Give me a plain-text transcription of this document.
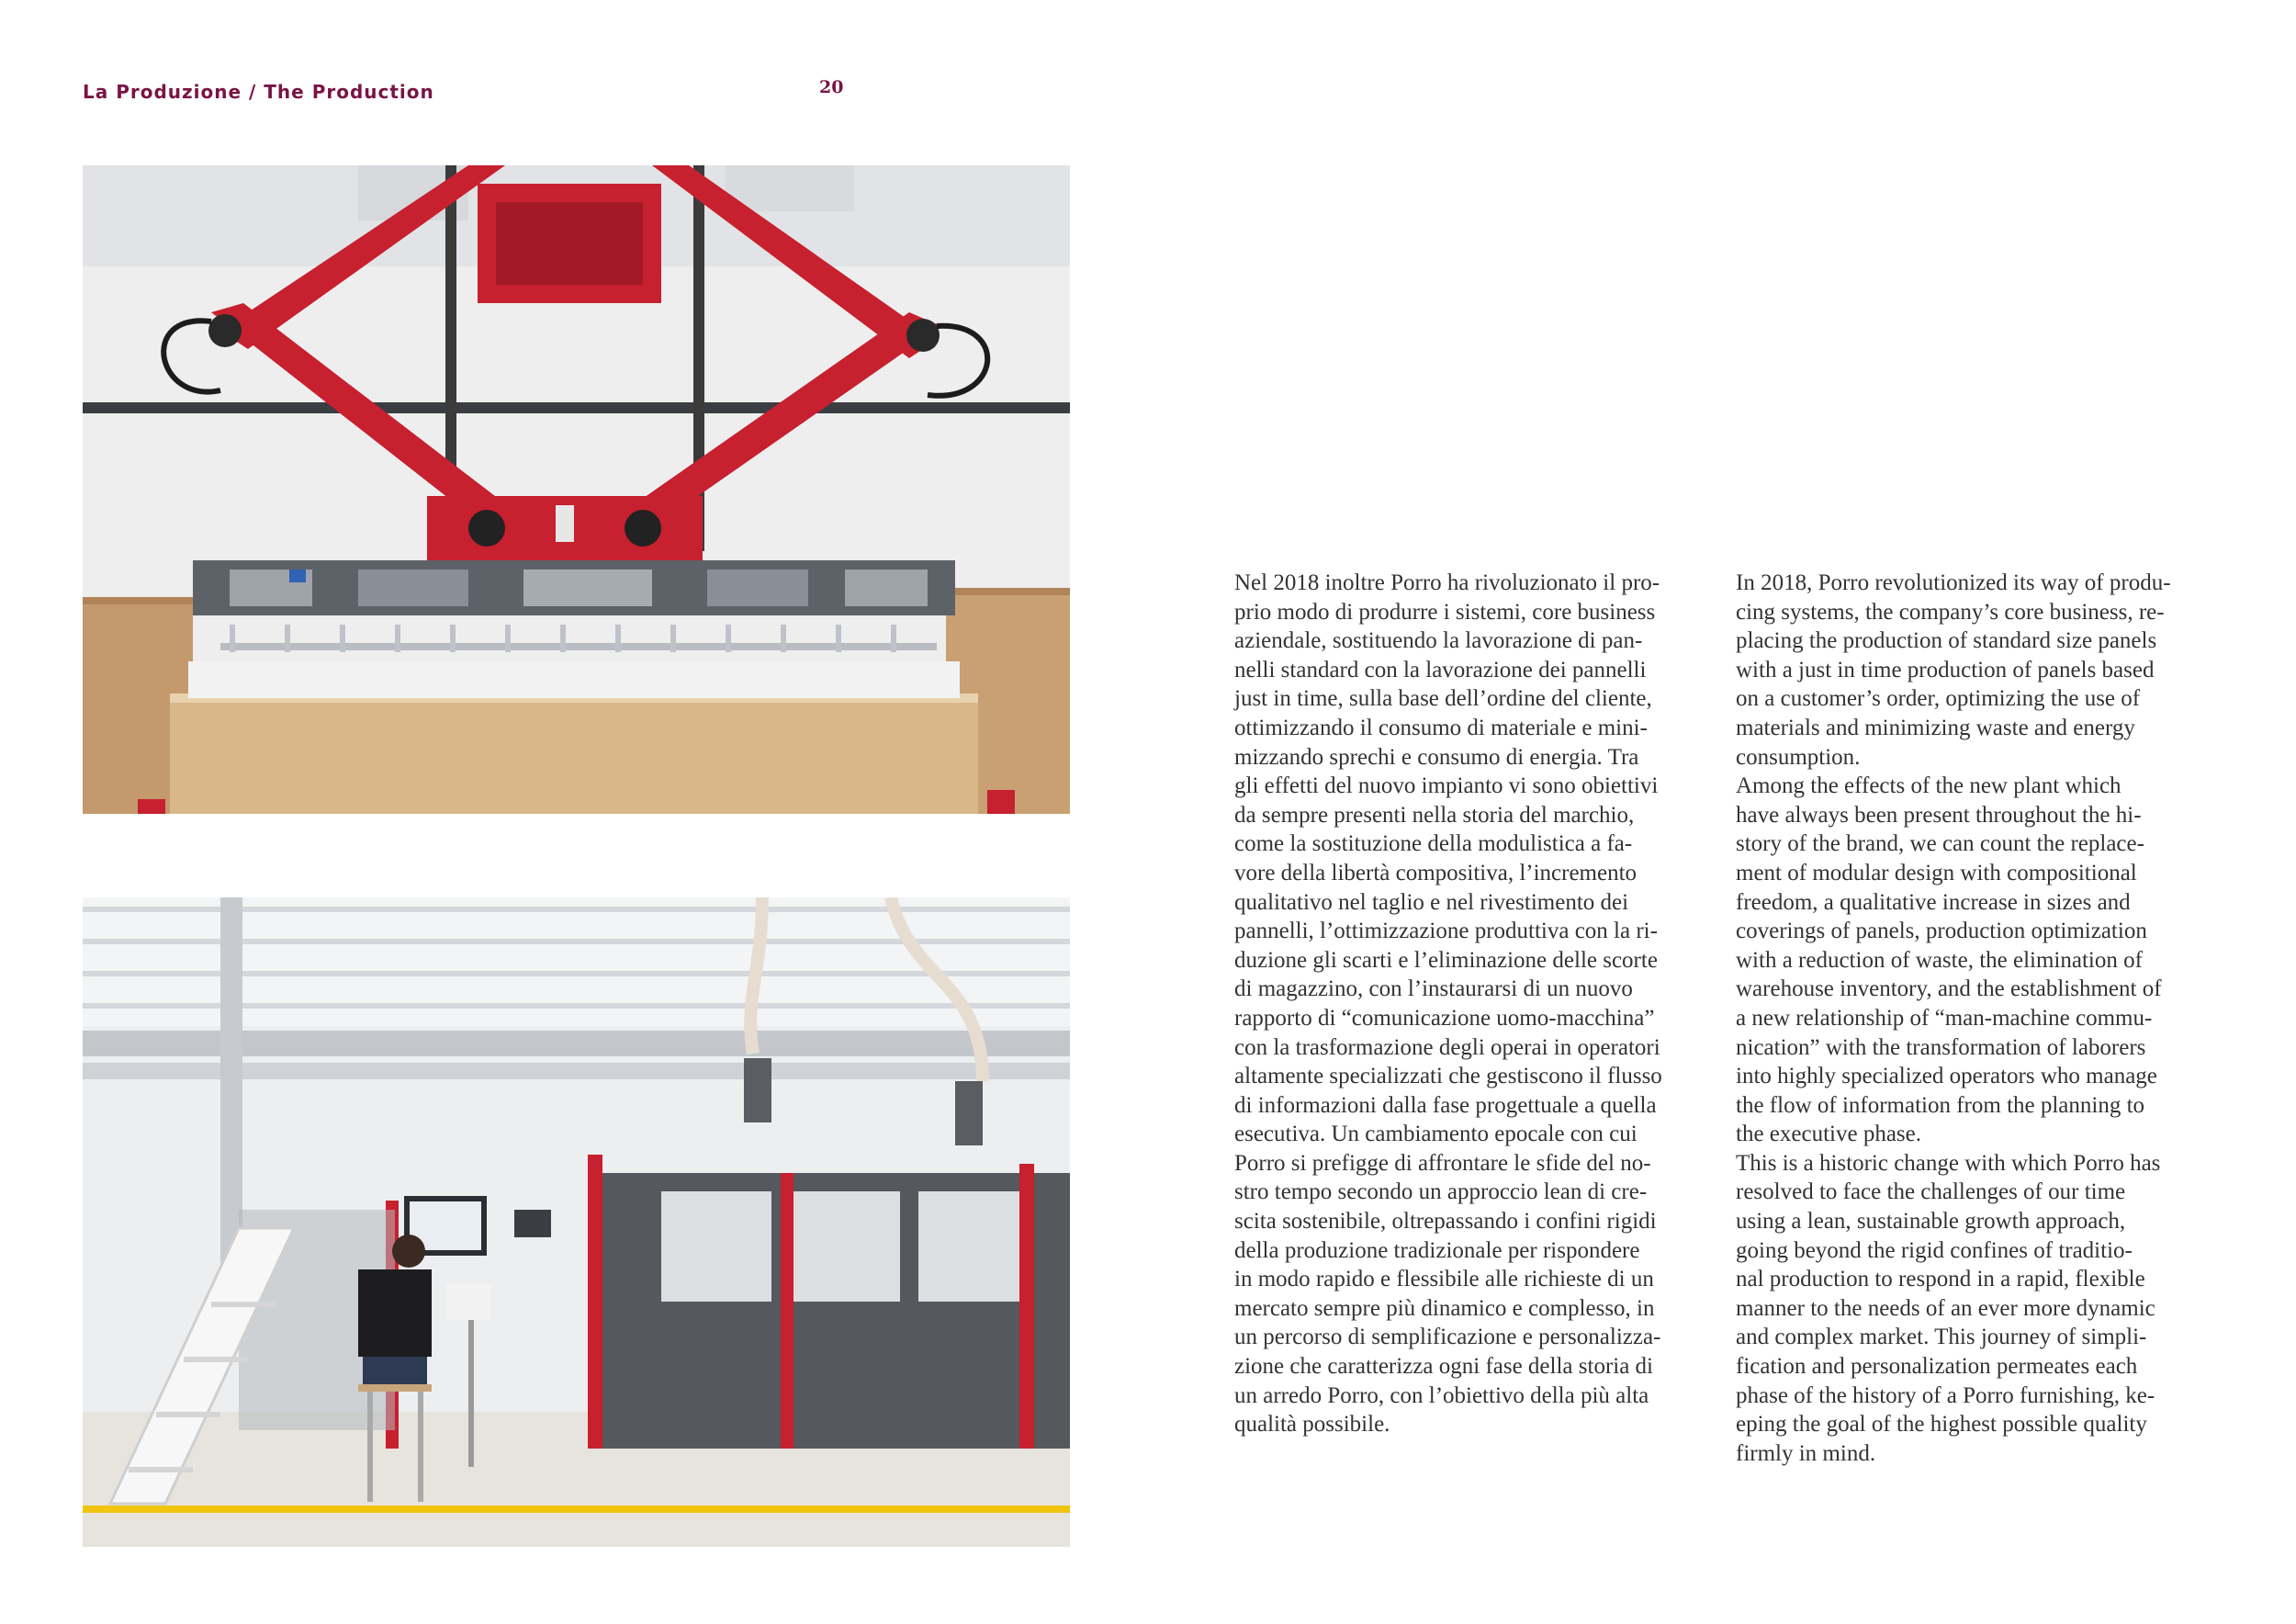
La Produzione / The Production	20

Nel 2018 inoltre Porro ha rivoluzionato il pro-

prio modo di produrre i sistemi, core business

aziendale, sostituendo la lavorazione di pan-

nelli standard con la lavorazione dei pannelli

just in time, sulla base dell’ordine del cliente,

ottimizzando il consumo di materiale e mini-

mizzando sprechi e consumo di energia. Tra

gli effetti del nuovo impianto vi sono obiettivi

da sempre presenti nella storia del marchio,

come la sostituzione della modulistica a fa-

vore della libertà compositiva, l’incremento

qualitativo nel taglio e nel rivestimento dei

pannelli, l’ottimizzazione produttiva con la ri-

duzione gli scarti e l’eliminazione delle scorte

di magazzino, con l’instaurarsi di un nuovo

rapporto di “comunicazione uomo-macchina”

con la trasformazione degli operai in operatori

altamente specializzati che gestiscono il flusso

di informazioni dalla fase progettuale a quella

esecutiva. Un cambiamento epocale con cui

Porro si prefigge di affrontare le sfide del no-

stro tempo secondo un approccio lean di cre-

scita sostenibile, oltrepassando i confini rigidi

della produzione tradizionale per rispondere

in modo rapido e flessibile alle richieste di un

mercato sempre più dinamico e complesso, in

un percorso di semplificazione e personalizza-

zione che caratterizza ogni fase della storia di

un arredo Porro, con l’obiettivo della più alta

qualità possibile.

In 2018, Porro revolutionized its way of produ-

cing systems, the company’s core business, re-

placing the production of standard size panels

with a just in time production of panels based

on a customer’s order, optimizing the use of

materials and minimizing waste and energy

consumption.

Among the effects of the new plant which

have always been present throughout the hi-

story of the brand, we can count the replace-

ment of modular design with compositional

freedom, a qualitative increase in sizes and

coverings of panels, production optimization

with a reduction of waste, the elimination of

warehouse inventory, and the establishment of

a new relationship of “man-machine commu-

nication” with the transformation of laborers

into highly specialized operators who manage

the flow of information from the planning to

the executive phase.

This is a historic change with which Porro has

resolved to face the challenges of our time

using a lean, sustainable growth approach,

going beyond the rigid confines of traditio-

nal production to respond in a rapid, flexible

manner to the needs of an ever more dynamic

and complex market. This journey of simpli-

fication and personalization permeates each

phase of the history of a Porro furnishing, ke-

eping the goal of the highest possible quality

firmly in mind.
